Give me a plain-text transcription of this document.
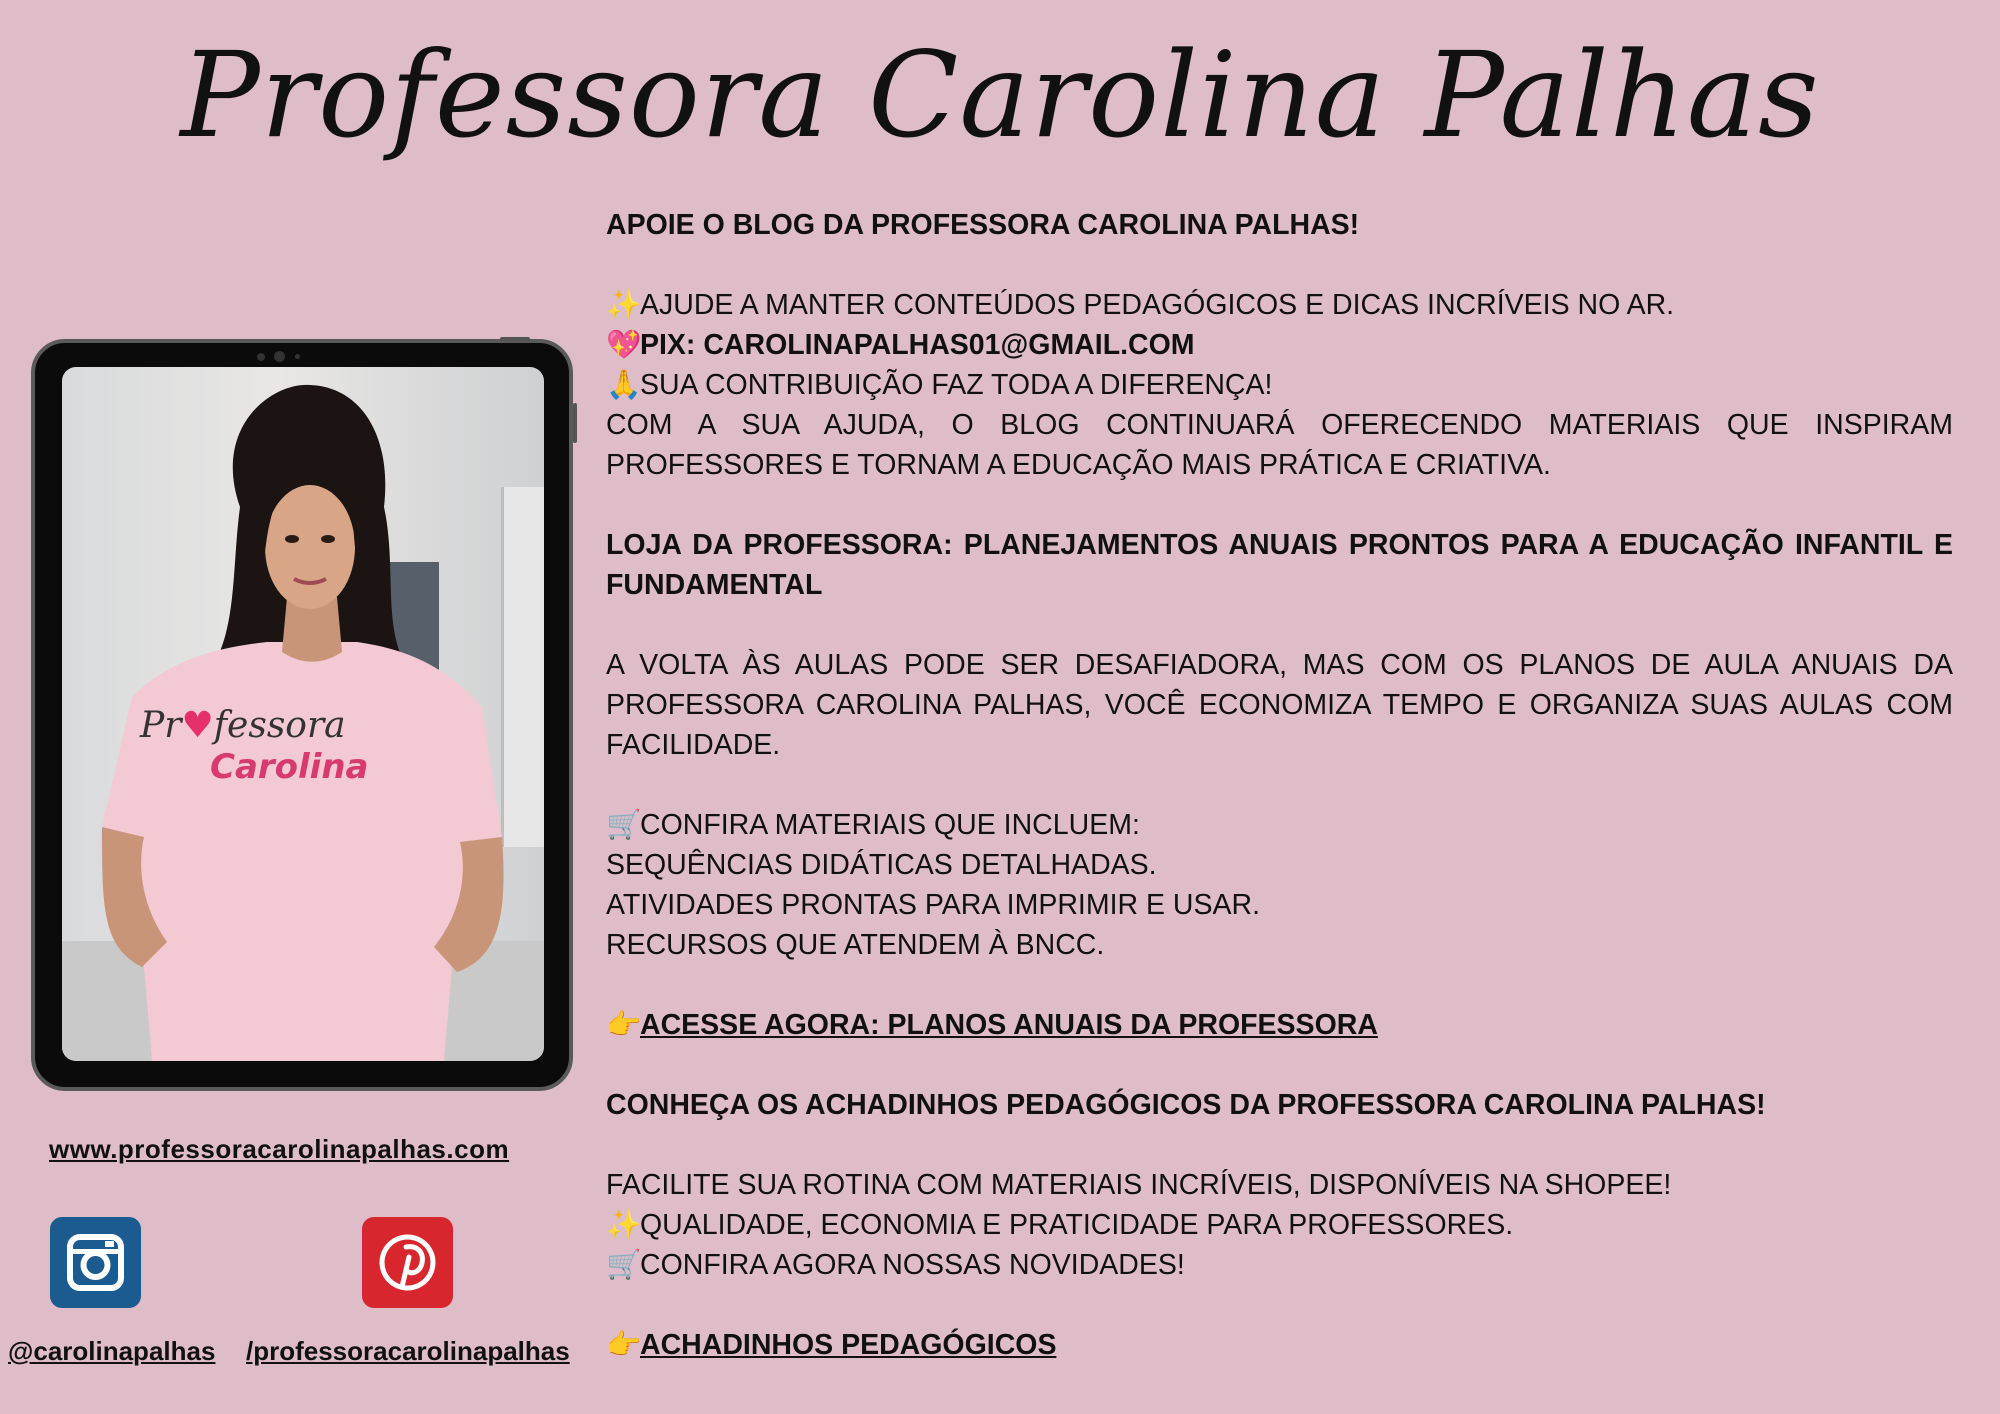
Professora Carolina Palhas
Pr♥fessora
Carolina
www.professoracarolinapalhas.com
@carolinapalhas /professoracarolinapalhas

APOIE O BLOG DA PROFESSORA CAROLINA PALHAS!

✨AJUDE A MANTER CONTEÚDOS PEDAGÓGICOS E DICAS INCRÍVEIS NO AR.

💖PIX: CAROLINAPALHAS01@GMAIL.COM

🙏SUA CONTRIBUIÇÃO FAZ TODA A DIFERENÇA!

COM A SUA AJUDA, O BLOG CONTINUARÁ OFERECENDO MATERIAIS QUE INSPIRAM PROFESSORES E TORNAM A EDUCAÇÃO MAIS PRÁTICA E CRIATIVA.

LOJA DA PROFESSORA: PLANEJAMENTOS ANUAIS PRONTOS PARA A EDUCAÇÃO INFANTIL E FUNDAMENTAL

A VOLTA ÀS AULAS PODE SER DESAFIADORA, MAS COM OS PLANOS DE AULA ANUAIS DA PROFESSORA CAROLINA PALHAS, VOCÊ ECONOMIZA TEMPO E ORGANIZA SUAS AULAS COM FACILIDADE.

🛒CONFIRA MATERIAIS QUE INCLUEM:

SEQUÊNCIAS DIDÁTICAS DETALHADAS.

ATIVIDADES PRONTAS PARA IMPRIMIR E USAR.

RECURSOS QUE ATENDEM À BNCC.

👉ACESSE AGORA: PLANOS ANUAIS DA PROFESSORA

CONHEÇA OS ACHADINHOS PEDAGÓGICOS DA PROFESSORA CAROLINA PALHAS!

FACILITE SUA ROTINA COM MATERIAIS INCRÍVEIS, DISPONÍVEIS NA SHOPEE!

✨QUALIDADE, ECONOMIA E PRATICIDADE PARA PROFESSORES.

🛒CONFIRA AGORA NOSSAS NOVIDADES!

👉ACHADINHOS PEDAGÓGICOS
